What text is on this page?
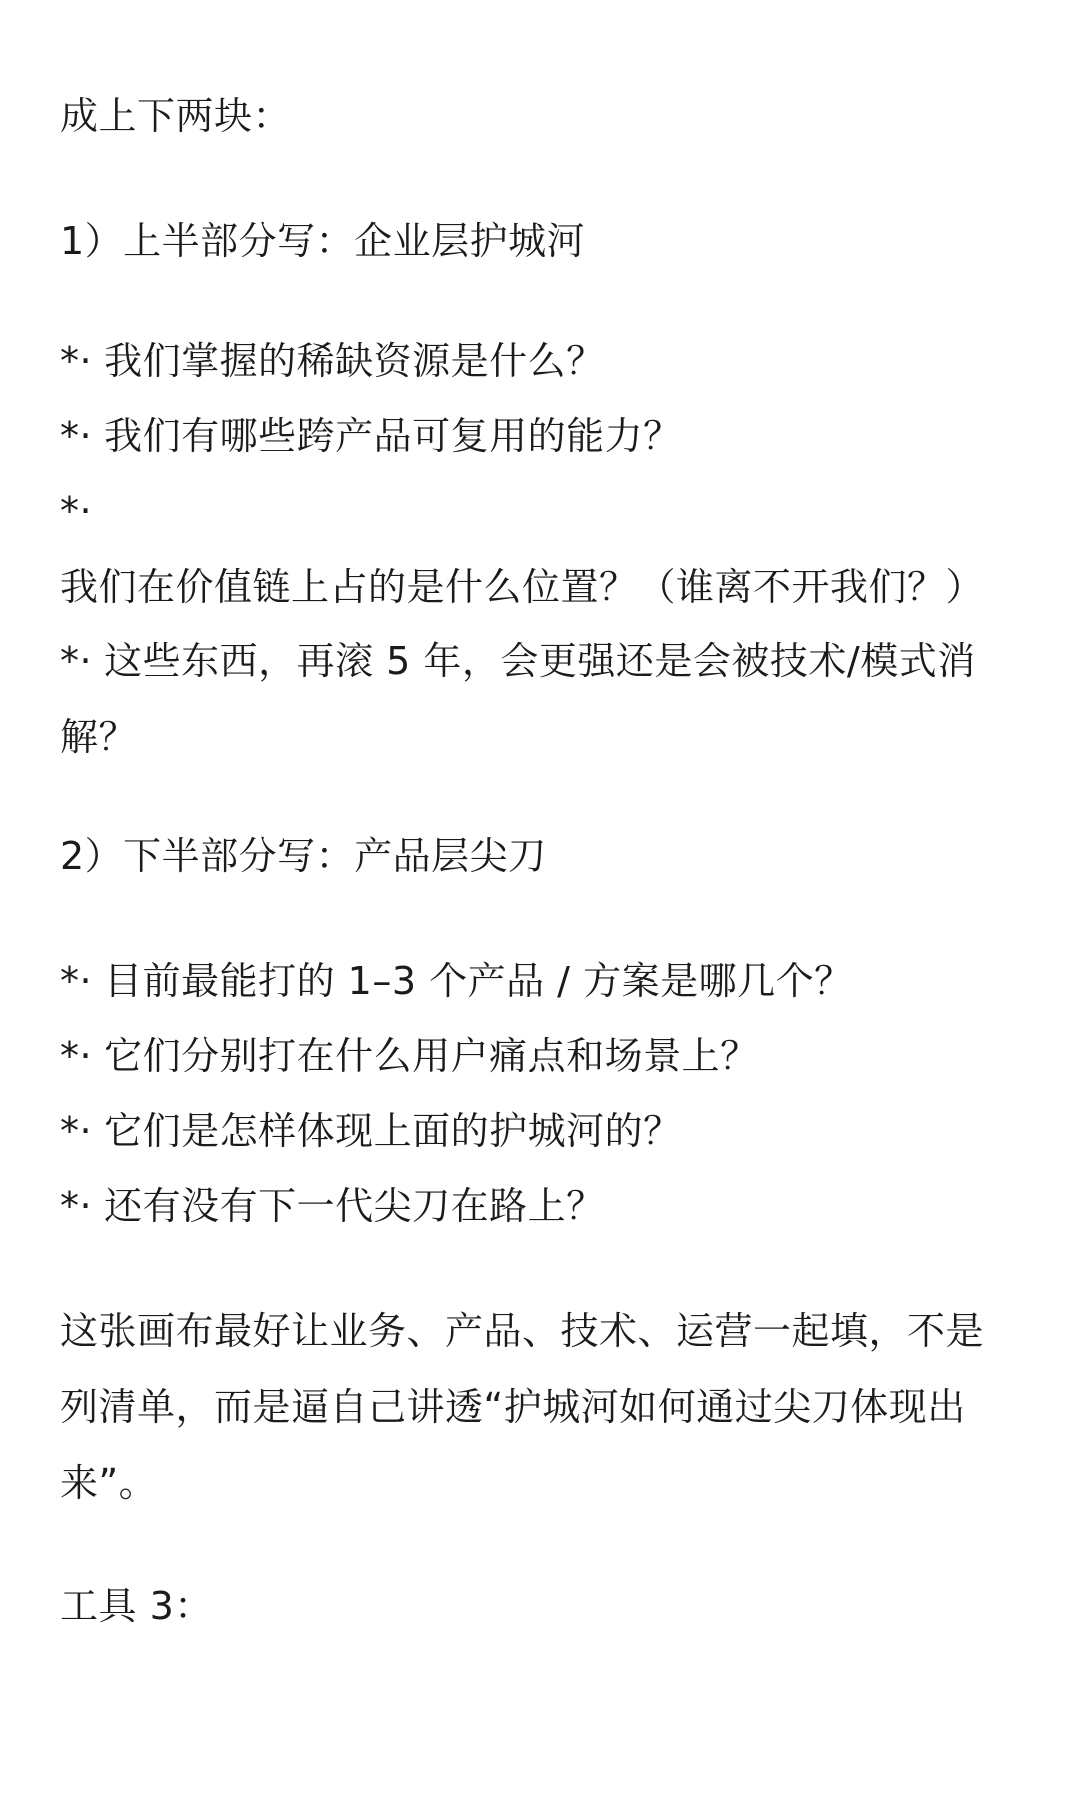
成上下两块：
1）上半部分写：企业层护城河
*· 我们掌握的稀缺资源是什么？
*· 我们有哪些跨产品可复用的能力？
*·我们在价值链上占的是什么位置？（谁离不开我们？）
*· 这些东西，再滚 5 年，会更强还是会被技术/模式消解？
2）下半部分写：产品层尖刀
*· 目前最能打的 1–3 个产品 / 方案是哪几个？
*· 它们分别打在什么用户痛点和场景上？
*· 它们是怎样体现上面的护城河的？
*· 还有没有下一代尖刀在路上？
这张画布最好让业务、产品、技术、运营一起填，不是列清单，而是逼自己讲透“护城河如何通过尖刀体现出来”。
工具 3：
